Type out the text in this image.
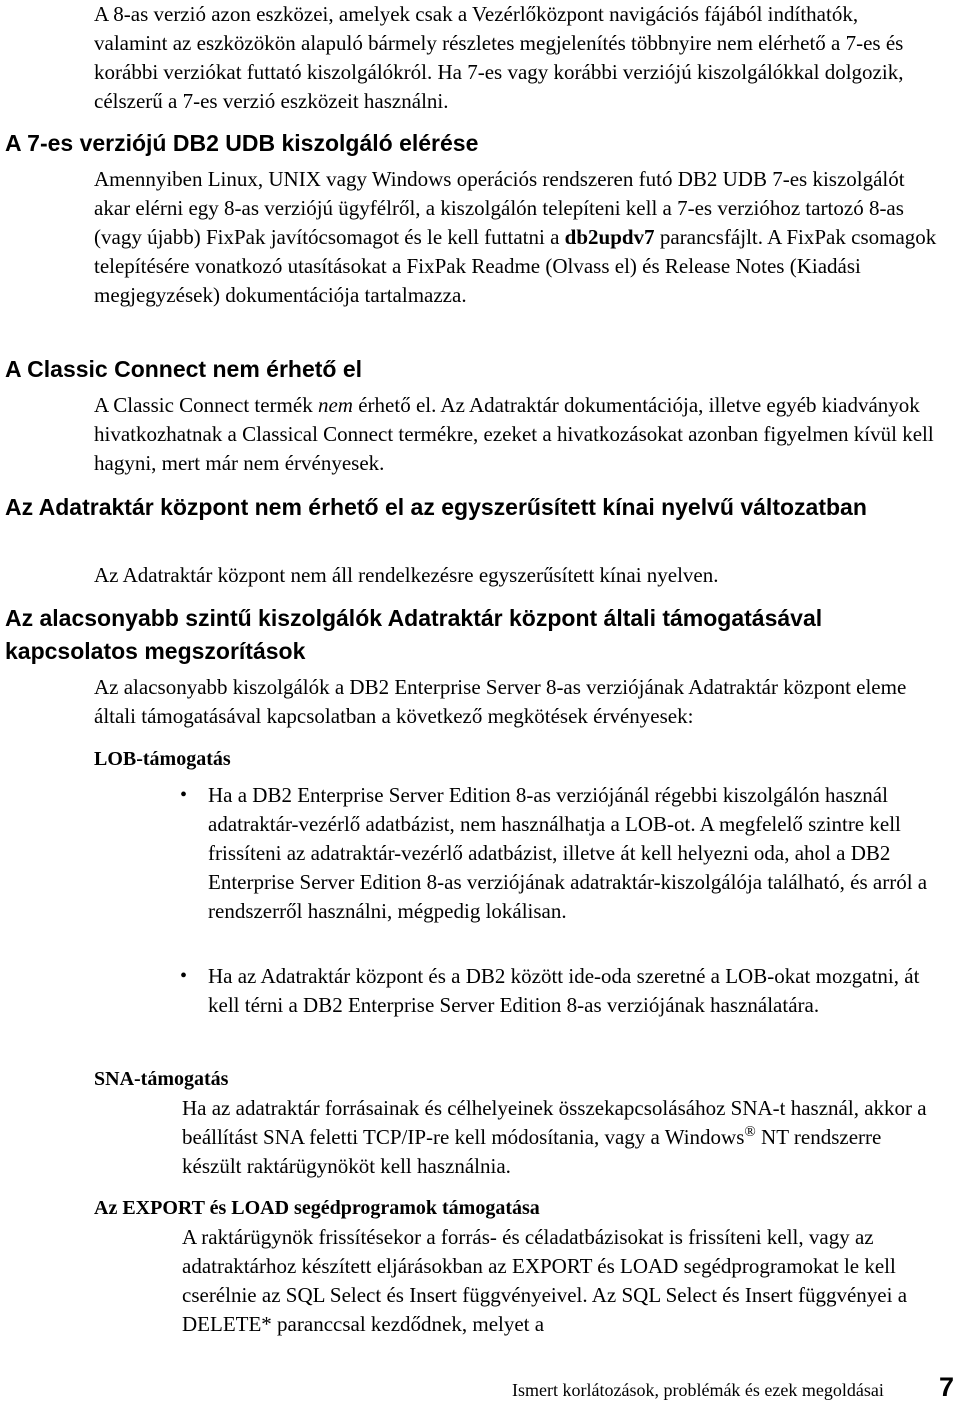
A 8-as verzió azon eszközei, amelyek csak a Vezérlőközpont navigációs fájából indíthatók, valamint az eszközökön alapuló bármely részletes megjelenítés többnyire nem elérhető a 7-es és korábbi verziókat futtató kiszolgálókról. Ha 7-es vagy korábbi verziójú kiszolgálókkal dolgozik, célszerű a 7-es verzió eszközeit használni.

A 7-es verziójú DB2 UDB kiszolgáló elérése

Amennyiben Linux, UNIX vagy Windows operációs rendszeren futó DB2 UDB 7-es kiszolgálót akar elérni egy 8-as verziójú ügyfélről, a kiszolgálón telepíteni kell a 7-es verzióhoz tartozó 8-as (vagy újabb) FixPak javítócsomagot és le kell futtatni a db2updv7 parancsfájlt. A FixPak csomagok telepítésére vonatkozó utasításokat a FixPak Readme (Olvass el) és Release Notes (Kiadási megjegyzések) dokumentációja tartalmazza.

A Classic Connect nem érhető el

A Classic Connect termék nem érhető el. Az Adatraktár dokumentációja, illetve egyéb kiadványok hivatkozhatnak a Classical Connect termékre, ezeket a hivatkozásokat azonban figyelmen kívül kell hagyni, mert már nem érvényesek.

Az Adatraktár központ nem érhető el az egyszerűsített kínai nyelvű változatban

Az Adatraktár központ nem áll rendelkezésre egyszerűsített kínai nyelven.

Az alacsonyabb szintű kiszolgálók Adatraktár központ általi támogatásával kapcsolatos megszorítások

Az alacsonyabb kiszolgálók a DB2 Enterprise Server 8-as verziójának Adatraktár központ eleme általi támogatásával kapcsolatban a következő megkötések érvényesek:

LOB-támogatás
• Ha a DB2 Enterprise Server Edition 8-as verziójánál régebbi kiszolgálón használ adatraktár-vezérlő adatbázist, nem használhatja a LOB-ot. A megfelelő szintre kell frissíteni az adatraktár-vezérlő adatbázist, illetve át kell helyezni oda, ahol a DB2 Enterprise Server Edition 8-as verziójának adatraktár-kiszolgálója található, és arról a rendszerről használni, mégpedig lokálisan.

• Ha az Adatraktár központ és a DB2 között ide-oda szeretné a LOB-okat mozgatni, át kell térni a DB2 Enterprise Server Edition 8-as verziójának használatára.

SNA-támogatás

Ha az adatraktár forrásainak és célhelyeinek összekapcsolásához SNA-t használ, akkor a beállítást SNA feletti TCP/IP-re kell módosítania, vagy a Windows® NT rendszerre készült raktárügynököt kell használnia.

Az EXPORT és LOAD segédprogramok támogatása

A raktárügynök frissítésekor a forrás- és céladatbázisokat is frissíteni kell, vagy az adatraktárhoz készített eljárásokban az EXPORT és LOAD segédprogramokat le kell cserélnie az SQL Select és Insert függvényeivel. Az SQL Select és Insert függvényei a DELETE* paranccsal kezdődnek, melyet a

Ismert korlátozások, problémák és ezek megoldásai 7
